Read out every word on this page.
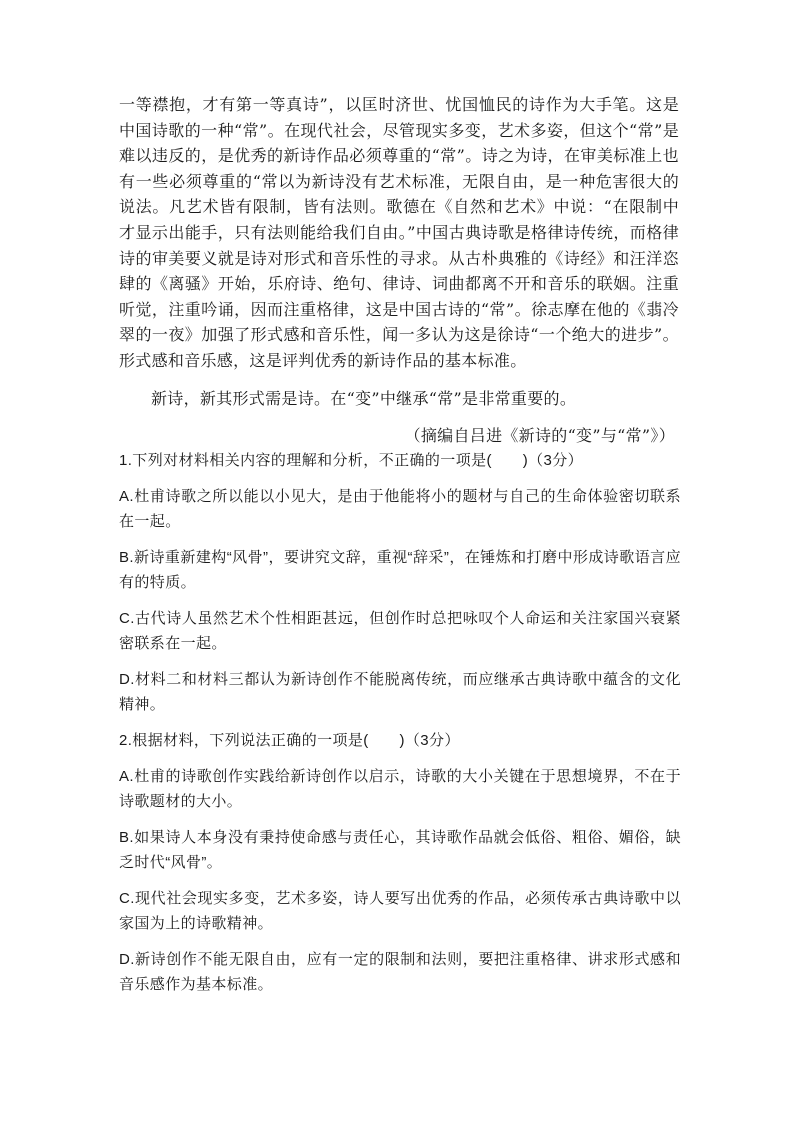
一等襟抱，才有第一等真诗”，以匡时济世、忧国恤民的诗作为大手笔。这是中国诗歌的一种“常”。在现代社会，尽管现实多变，艺术多姿，但这个“常”是难以违反的，是优秀的新诗作品必须尊重的“常”。诗之为诗，在审美标准上也有一些必须尊重的“常以为新诗没有艺术标准，无限自由，是一种危害很大的说法。凡艺术皆有限制，皆有法则。歌德在《自然和艺术》中说：“在限制中才显示出能手，只有法则能给我们自由。”中国古典诗歌是格律诗传统，而格律诗的审美要义就是诗对形式和音乐性的寻求。从古朴典雅的《诗经》和汪洋恣肆的《离骚》开始，乐府诗、绝句、律诗、词曲都离不开和音乐的联姻。注重听觉，注重吟诵，因而注重格律，这是中国古诗的“常”。徐志摩在他的《翡冷翠的一夜》加强了形式感和音乐性，闻一多认为这是徐诗“一个绝大的进步”。形式感和音乐感，这是评判优秀的新诗作品的基本标准。

新诗，新其形式需是诗。在“变”中继承“常”是非常重要的。

（摘编自吕进《新诗的“变”与“常”》）

1.下列对材料相关内容的理解和分析，不正确的一项是(　　)（3分）

A.杜甫诗歌之所以能以小见大，是由于他能将小的题材与自己的生命体验密切联系在一起。

B.新诗重新建构“风骨”，要讲究文辞，重视“辞采”，在锤炼和打磨中形成诗歌语言应有的特质。

C.古代诗人虽然艺术个性相距甚远，但创作时总把咏叹个人命运和关注家国兴衰紧密联系在一起。

D.材料二和材料三都认为新诗创作不能脱离传统，而应继承古典诗歌中蕴含的文化精神。

2.根据材料，下列说法正确的一项是(　　)（3分）

A.杜甫的诗歌创作实践给新诗创作以启示，诗歌的大小关键在于思想境界，不在于诗歌题材的大小。

B.如果诗人本身没有秉持使命感与责任心，其诗歌作品就会低俗、粗俗、媚俗，缺乏时代“风骨”。

C.现代社会现实多变，艺术多姿，诗人要写出优秀的作品，必须传承古典诗歌中以家国为上的诗歌精神。

D.新诗创作不能无限自由，应有一定的限制和法则，要把注重格律、讲求形式感和音乐感作为基本标准。
